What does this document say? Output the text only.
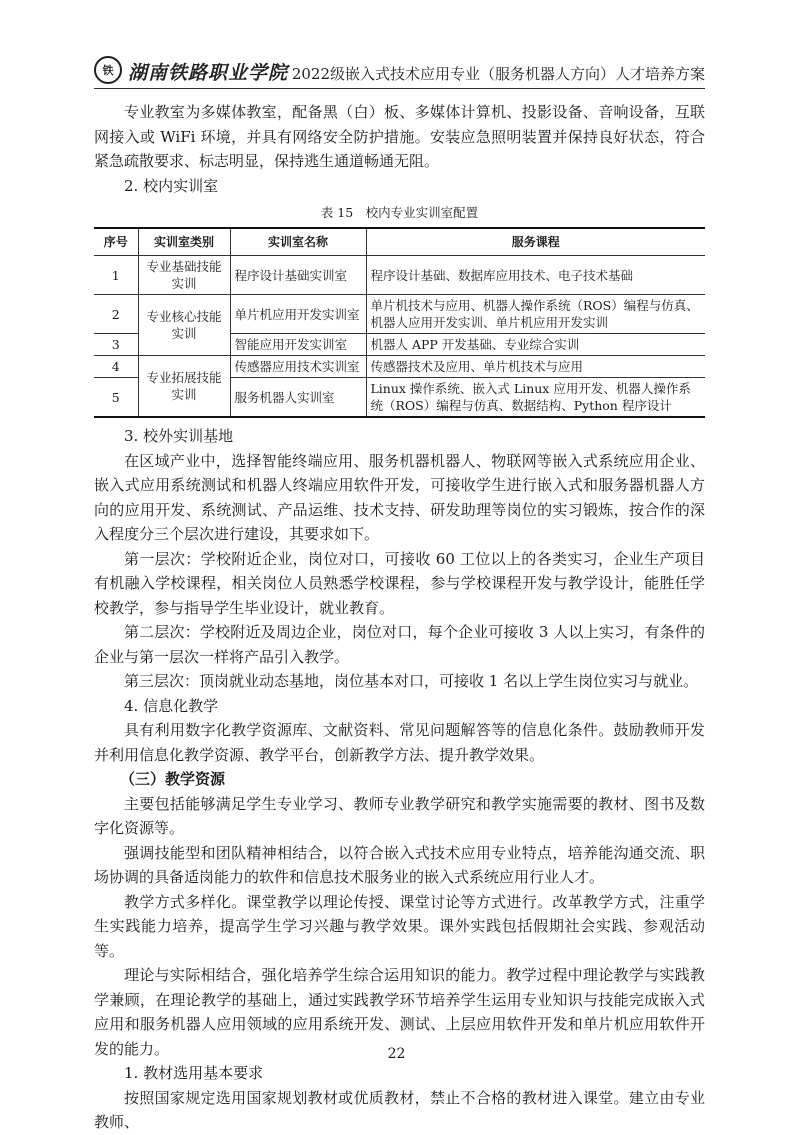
铁 湖南铁路职业学院 2022级嵌入式技术应用专业（服务机器人方向）人才培养方案

专业教室为多媒体教室，配备黑（白）板、多媒体计算机、投影设备、音响设备，互联网接入或 WiFi 环境，并具有网络安全防护措施。安装应急照明装置并保持良好状态，符合紧急疏散要求、标志明显，保持逃生通道畅通无阻。

2. 校内实训室
表 15　校内专业实训室配置
序号	实训室类别	实训室名称	服务课程
1	专业基础技能实训	程序设计基础实训室	程序设计基础、数据库应用技术、电子技术基础
2	专业核心技能实训	单片机应用开发实训室	单片机技术与应用、机器人操作系统（ROS）编程与仿真、机器人应用开发实训、单片机应用开发实训
3		智能应用开发实训室	机器人 APP 开发基础、专业综合实训
4	专业拓展技能实训	传感器应用技术实训室	传感器技术及应用、单片机技术与应用
5		服务机器人实训室	Linux 操作系统、嵌入式 Linux 应用开发、机器人操作系统（ROS）编程与仿真、数据结构、Python 程序设计
3. 校外实训基地

在区域产业中，选择智能终端应用、服务机器机器人、物联网等嵌入式系统应用企业、嵌入式应用系统测试和机器人终端应用软件开发，可接收学生进行嵌入式和服务器机器人方向的应用开发、系统测试、产品运维、技术支持、研发助理等岗位的实习锻炼，按合作的深入程度分三个层次进行建设，其要求如下。

第一层次：学校附近企业，岗位对口，可接收 60 工位以上的各类实习，企业生产项目有机融入学校课程，相关岗位人员熟悉学校课程，参与学校课程开发与教学设计，能胜任学校教学，参与指导学生毕业设计，就业教育。

第二层次：学校附近及周边企业，岗位对口，每个企业可接收 3 人以上实习，有条件的企业与第一层次一样将产品引入教学。

第三层次：顶岗就业动态基地，岗位基本对口，可接收 1 名以上学生岗位实习与就业。

4. 信息化教学

具有利用数字化教学资源库、文献资料、常见问题解答等的信息化条件。鼓励教师开发并利用信息化教学资源、教学平台，创新教学方法、提升教学效果。

（三）教学资源

主要包括能够满足学生专业学习、教师专业教学研究和教学实施需要的教材、图书及数字化资源等。

强调技能型和团队精神相结合，以符合嵌入式技术应用专业特点，培养能沟通交流、职场协调的具备适岗能力的软件和信息技术服务业的嵌入式系统应用行业人才。

教学方式多样化。课堂教学以理论传授、课堂讨论等方式进行。改革教学方式，注重学生实践能力培养，提高学生学习兴趣与教学效果。课外实践包括假期社会实践、参观活动等。

理论与实际相结合，强化培养学生综合运用知识的能力。教学过程中理论教学与实践教学兼顾，在理论教学的基础上，通过实践教学环节培养学生运用专业知识与技能完成嵌入式应用和服务机器人应用领域的应用系统开发、测试、上层应用软件开发和单片机应用软件开发的能力。

1. 教材选用基本要求

按照国家规定选用国家规划教材或优质教材，禁止不合格的教材进入课堂。建立由专业教师、

22
